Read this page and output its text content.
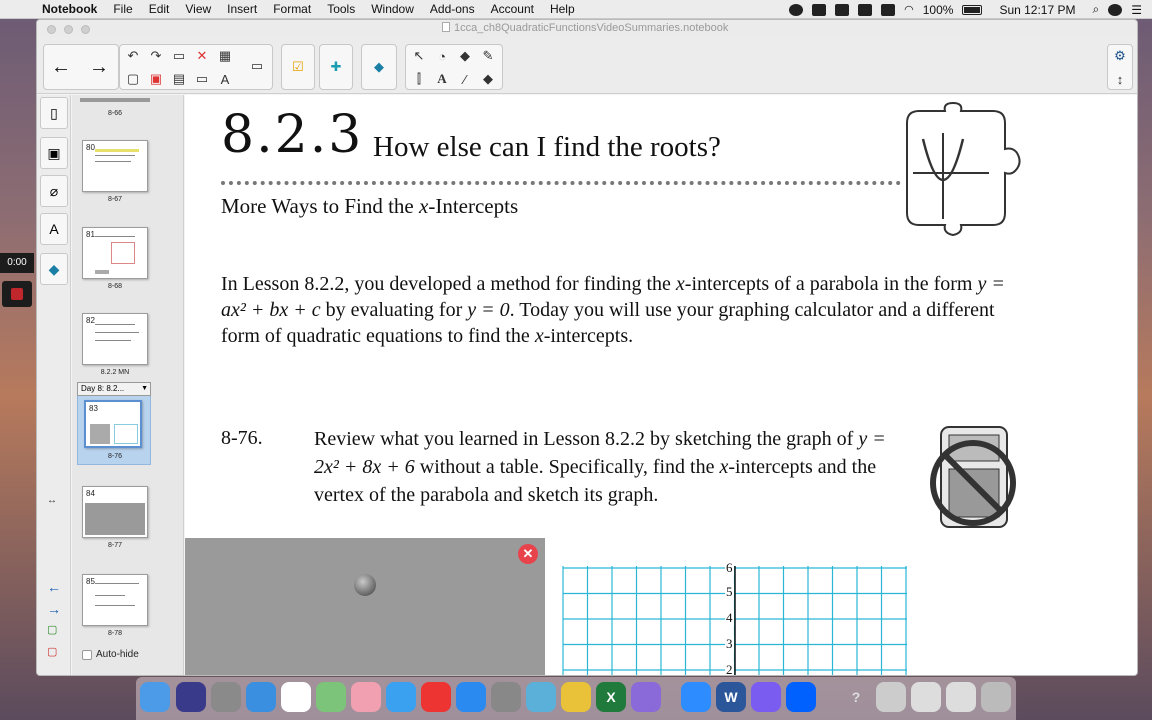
Notebook File Edit View Insert Format Tools Window Add-ons Account Help	◠ 100%	Sun 12:17 PM ⌕	☰
0:00
1cca_ch8QuadraticFunctionsVideoSummaries.notebook
← → ↶ ↷ ▭ ✕ ▦
▢ ▣ ▤ ▭ A
▭ ☑ ✚	◆
↖	◔	◆ ✎
⫿	A	⁄	◆
⚙
↕
▯
▣
⌀
A
◆
↔
←
→
▢
▢
8-66
80
8-67
81
8-68
82
8.2.2 MN
Day 8: 8.2... ▼
83
8-76
84
8-77
85
8-78
Auto-hide
8.2.3 How else can I find the roots?
More Ways to Find the x-Intercepts
In Lesson 8.2.2, you developed a method for finding the x-intercepts of a parabola in the form y = ax² + bx + c by evaluating for y = 0. Today you will use your graphing calculator and a different form of quadratic equations to find the x-intercepts.
8-76.	Review what you learned in Lesson 8.2.2 by sketching the graph of y = 2x² + 8x + 6 without a table. Specifically, find the x-intercepts and the vertex of the parabola and sketch its graph.
✕
6
5
4
3
2
X	W	?
